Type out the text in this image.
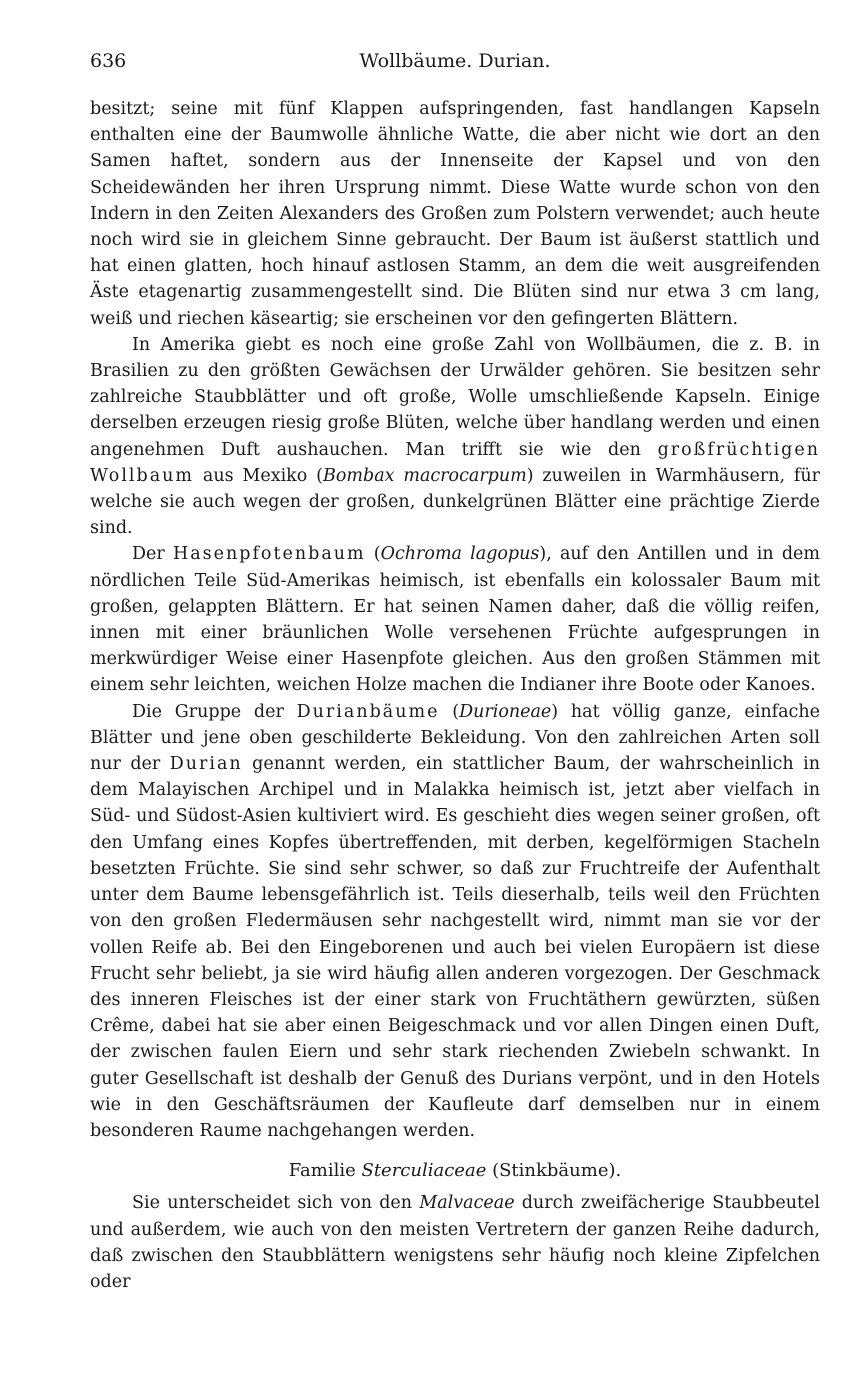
636	Wollbäume. Durian.

besitzt; seine mit fünf Klappen aufspringenden, fast handlangen Kapseln enthalten eine der Baumwolle ähnliche Watte, die aber nicht wie dort an den Samen haftet, sondern aus der Innenseite der Kapsel und von den Scheidewänden her ihren Ursprung nimmt. Diese Watte wurde schon von den Indern in den Zeiten Alexanders des Großen zum Polstern verwendet; auch heute noch wird sie in gleichem Sinne gebraucht. Der Baum ist äußerst stattlich und hat einen glatten, hoch hinauf astlosen Stamm, an dem die weit ausgreifenden Äste etagenartig zusammengestellt sind. Die Blüten sind nur etwa 3 cm lang, weiß und riechen käseartig; sie erscheinen vor den gefingerten Blättern.

In Amerika giebt es noch eine große Zahl von Wollbäumen, die z. B. in Brasilien zu den größten Gewächsen der Urwälder gehören. Sie besitzen sehr zahlreiche Staubblätter und oft große, Wolle umschließende Kapseln. Einige derselben erzeugen riesig große Blüten, welche über handlang werden und einen angenehmen Duft aushauchen. Man trifft sie wie den großfrüchtigen Wollbaum aus Mexiko (Bombax macrocarpum) zuweilen in Warmhäusern, für welche sie auch wegen der großen, dunkelgrünen Blätter eine prächtige Zierde sind.

Der Hasenpfotenbaum (Ochroma lagopus), auf den Antillen und in dem nördlichen Teile Süd-Amerikas heimisch, ist ebenfalls ein kolossaler Baum mit großen, gelappten Blättern. Er hat seinen Namen daher, daß die völlig reifen, innen mit einer bräunlichen Wolle versehenen Früchte aufgesprungen in merkwürdiger Weise einer Hasenpfote gleichen. Aus den großen Stämmen mit einem sehr leichten, weichen Holze machen die Indianer ihre Boote oder Kanoes.

Die Gruppe der Durianbäume (Durioneae) hat völlig ganze, einfache Blätter und jene oben geschilderte Bekleidung. Von den zahlreichen Arten soll nur der Durian genannt werden, ein stattlicher Baum, der wahrscheinlich in dem Malayischen Archipel und in Malakka heimisch ist, jetzt aber vielfach in Süd- und Südost-Asien kultiviert wird. Es geschieht dies wegen seiner großen, oft den Umfang eines Kopfes übertreffenden, mit derben, kegelförmigen Stacheln besetzten Früchte. Sie sind sehr schwer, so daß zur Fruchtreife der Aufenthalt unter dem Baume lebensgefährlich ist. Teils dieserhalb, teils weil den Früchten von den großen Fledermäusen sehr nachgestellt wird, nimmt man sie vor der vollen Reife ab. Bei den Eingeborenen und auch bei vielen Europäern ist diese Frucht sehr beliebt, ja sie wird häufig allen anderen vorgezogen. Der Geschmack des inneren Fleisches ist der einer stark von Fruchtäthern gewürzten, süßen Crême, dabei hat sie aber einen Beigeschmack und vor allen Dingen einen Duft, der zwischen faulen Eiern und sehr stark riechenden Zwiebeln schwankt. In guter Gesellschaft ist deshalb der Genuß des Durians verpönt, und in den Hotels wie in den Geschäftsräumen der Kaufleute darf demselben nur in einem besonderen Raume nachgehangen werden.

Familie Sterculiaceae (Stinkbäume).

Sie unterscheidet sich von den Malvaceae durch zweifächerige Staubbeutel und außerdem, wie auch von den meisten Vertretern der ganzen Reihe dadurch, daß zwischen den Staubblättern wenigstens sehr häufig noch kleine Zipfelchen oder
